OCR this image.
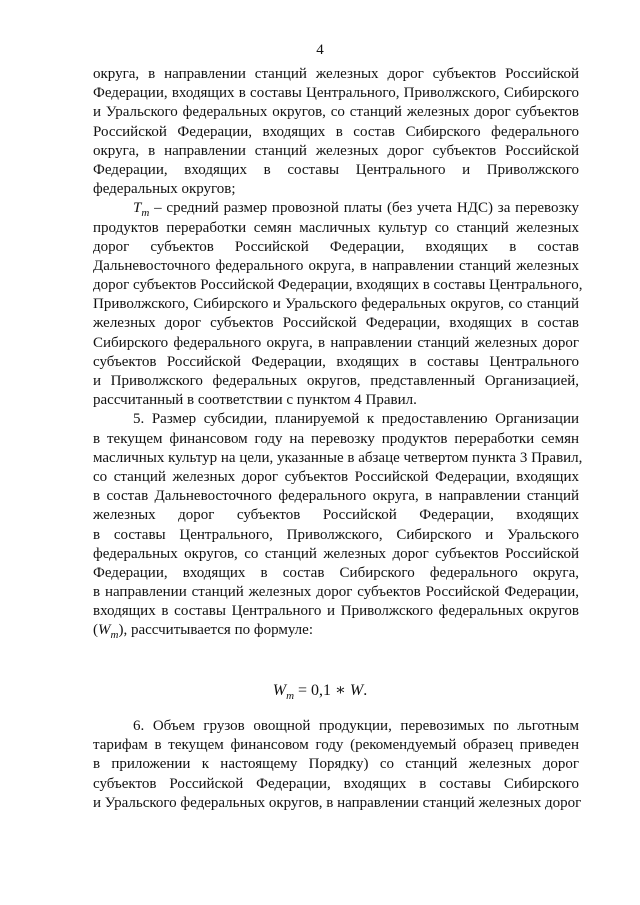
4
округа, в направлении станций железных дорог субъектов Российской
Федерации, входящих в составы Центрального, Приволжского, Сибирского
и Уральского федеральных округов, со станций железных дорог субъектов
Российской Федерации, входящих в состав Сибирского федерального
округа, в направлении станций железных дорог субъектов Российской
Федерации, входящих в составы Центрального и Приволжского
федеральных округов;
$T_m$ – средний размер провозной платы (без учета НДС) за перевозку
продуктов переработки семян масличных культур со станций железных
дорог субъектов Российской Федерации, входящих в состав
Дальневосточного федерального округа, в направлении станций железных
дорог субъектов Российской Федерации, входящих в составы Центрального,
Приволжского, Сибирского и Уральского федеральных округов, со станций
железных дорог субъектов Российской Федерации, входящих в состав
Сибирского федерального округа, в направлении станций железных дорог
субъектов Российской Федерации, входящих в составы Центрального
и Приволжского федеральных округов, представленный Организацией,
рассчитанный в соответствии с пунктом 4 Правил.
5. Размер субсидии, планируемой к предоставлению Организации
в текущем финансовом году на перевозку продуктов переработки семян
масличных культур на цели, указанные в абзаце четвертом пункта 3 Правил,
со станций железных дорог субъектов Российской Федерации, входящих
в состав Дальневосточного федерального округа, в направлении станций
железных дорог субъектов Российской Федерации, входящих
в составы Центрального, Приволжского, Сибирского и Уральского
федеральных округов, со станций железных дорог субъектов Российской
Федерации, входящих в состав Сибирского федерального округа,
в направлении станций железных дорог субъектов Российской Федерации,
входящих в составы Центрального и Приволжского федеральных округов
$(W_m)$, рассчитывается по формуле:
$W_m = 0,1$ ∗ W.
6. Объем грузов овощной продукции, перевозимых по льготным
тарифам в текущем финансовом году (рекомендуемый образец приведен
в приложении к настоящему Порядку) со станций железных дорог
субъектов Российской Федерации, входящих в составы Сибирского
и Уральского федеральных округов, в направлении станций железных дорог
